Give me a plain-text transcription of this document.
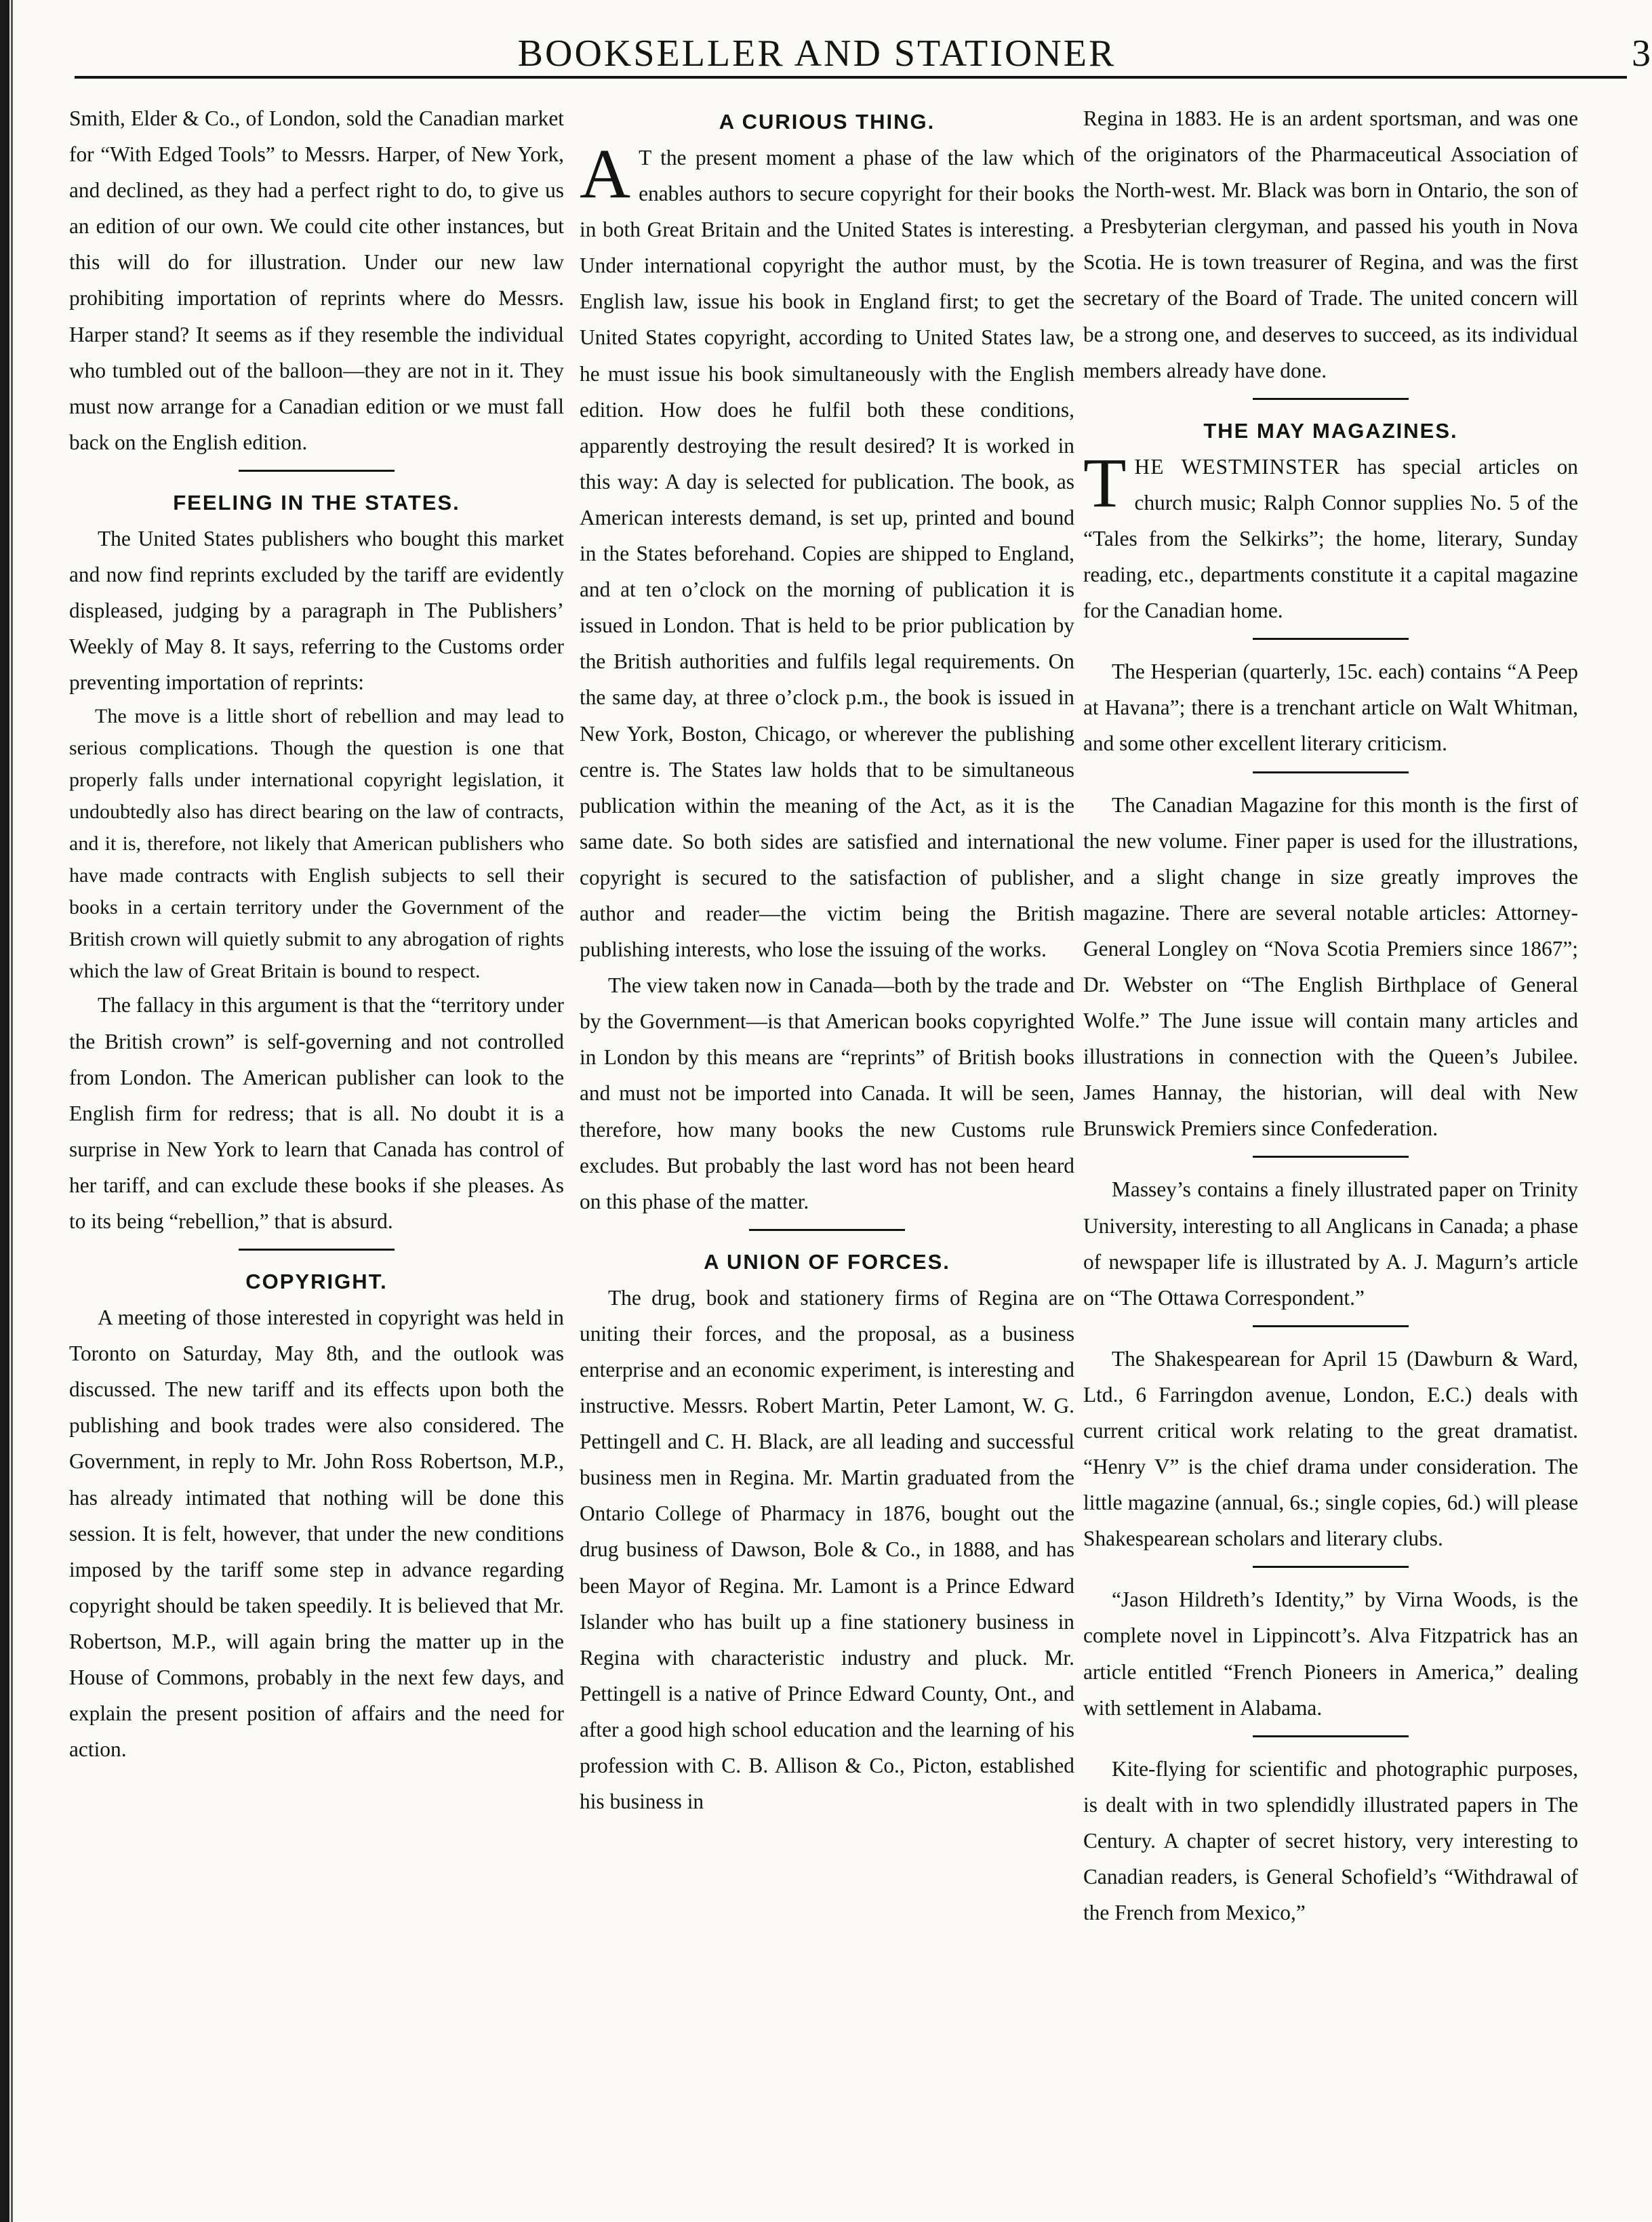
BOOKSELLER AND STATIONER	3

Smith, Elder & Co., of London, sold the Canadian market for “With Edged Tools” to Messrs. Harper, of New York, and declined, as they had a perfect right to do, to give us an edition of our own. We could cite other instances, but this will do for illustration. Under our new law prohibiting importation of reprints where do Messrs. Harper stand? It seems as if they resemble the individual who tumbled out of the balloon—they are not in it. They must now arrange for a Canadian edition or we must fall back on the English edition.

FEELING IN THE STATES.

The United States publishers who bought this market and now find reprints excluded by the tariff are evidently displeased, judging by a paragraph in The Publishers’ Weekly of May 8. It says, referring to the Customs order preventing importation of reprints:

The move is a little short of rebellion and may lead to serious complications. Though the question is one that properly falls under international copyright legislation, it undoubtedly also has direct bearing on the law of contracts, and it is, therefore, not likely that American publishers who have made contracts with English subjects to sell their books in a certain territory under the Government of the British crown will quietly submit to any abrogation of rights which the law of Great Britain is bound to respect.

The fallacy in this argument is that the “territory under the British crown” is self-governing and not controlled from London. The American publisher can look to the English firm for redress; that is all. No doubt it is a surprise in New York to learn that Canada has control of her tariff, and can exclude these books if she pleases. As to its being “rebellion,” that is absurd.

COPYRIGHT.

A meeting of those interested in copyright was held in Toronto on Saturday, May 8th, and the outlook was discussed. The new tariff and its effects upon both the publishing and book trades were also considered. The Government, in reply to Mr. John Ross Robertson, M.P., has already intimated that nothing will be done this session. It is felt, however, that under the new conditions imposed by the tariff some step in advance regarding copyright should be taken speedily. It is believed that Mr. Robertson, M.P., will again bring the matter up in the House of Commons, probably in the next few days, and explain the present position of affairs and the need for action.

A CURIOUS THING.

A T the present moment a phase of the law which enables authors to secure copyright for their books in both Great Britain and the United States is interesting. Under international copyright the author must, by the English law, issue his book in England first; to get the United States copyright, according to United States law, he must issue his book simultaneously with the English edition. How does he fulfil both these conditions, apparently destroying the result desired? It is worked in this way: A day is selected for publication. The book, as American interests demand, is set up, printed and bound in the States beforehand. Copies are shipped to England, and at ten o’clock on the morning of publication it is issued in London. That is held to be prior publication by the British authorities and fulfils legal requirements. On the same day, at three o’clock p.m., the book is issued in New York, Boston, Chicago, or wherever the publishing centre is. The States law holds that to be simultaneous publication within the meaning of the Act, as it is the same date. So both sides are satisfied and international copyright is secured to the satisfaction of publisher, author and reader—the victim being the British publishing interests, who lose the issuing of the works.

The view taken now in Canada—both by the trade and by the Government—is that American books copyrighted in London by this means are “reprints” of British books and must not be imported into Canada. It will be seen, therefore, how many books the new Customs rule excludes. But probably the last word has not been heard on this phase of the matter.

A UNION OF FORCES.

The drug, book and stationery firms of Regina are uniting their forces, and the proposal, as a business enterprise and an economic experiment, is interesting and instructive. Messrs. Robert Martin, Peter Lamont, W. G. Pettingell and C. H. Black, are all leading and successful business men in Regina. Mr. Martin graduated from the Ontario College of Pharmacy in 1876, bought out the drug business of Dawson, Bole & Co., in 1888, and has been Mayor of Regina. Mr. Lamont is a Prince Edward Islander who has built up a fine stationery business in Regina with characteristic industry and pluck. Mr. Pettingell is a native of Prince Edward County, Ont., and after a good high school education and the learning of his profession with C. B. Allison & Co., Picton, established his business in

Regina in 1883. He is an ardent sportsman, and was one of the originators of the Pharmaceutical Association of the North-west. Mr. Black was born in Ontario, the son of a Presbyterian clergyman, and passed his youth in Nova Scotia. He is town treasurer of Regina, and was the first secretary of the Board of Trade. The united concern will be a strong one, and deserves to succeed, as its individual members already have done.

THE MAY MAGAZINES.

THE WESTMINSTER has special articles on church music; Ralph Connor supplies No. 5 of the “Tales from the Selkirks”; the home, literary, Sunday reading, etc., departments constitute it a capital magazine for the Canadian home.

The Hesperian (quarterly, 15c. each) contains “A Peep at Havana”; there is a trenchant article on Walt Whitman, and some other excellent literary criticism.

The Canadian Magazine for this month is the first of the new volume. Finer paper is used for the illustrations, and a slight change in size greatly improves the magazine. There are several notable articles: Attorney-General Longley on “Nova Scotia Premiers since 1867”; Dr. Webster on “The English Birthplace of General Wolfe.” The June issue will contain many articles and illustrations in connection with the Queen’s Jubilee. James Hannay, the historian, will deal with New Brunswick Premiers since Confederation.

Massey’s contains a finely illustrated paper on Trinity University, interesting to all Anglicans in Canada; a phase of newspaper life is illustrated by A. J. Magurn’s article on “The Ottawa Correspondent.”

The Shakespearean for April 15 (Dawburn & Ward, Ltd., 6 Farringdon avenue, London, E.C.) deals with current critical work relating to the great dramatist. “Henry V” is the chief drama under consideration. The little magazine (annual, 6s.; single copies, 6d.) will please Shakespearean scholars and literary clubs.

“Jason Hildreth’s Identity,” by Virna Woods, is the complete novel in Lippincott’s. Alva Fitzpatrick has an article entitled “French Pioneers in America,” dealing with settlement in Alabama.

Kite-flying for scientific and photographic purposes, is dealt with in two splendidly illustrated papers in The Century. A chapter of secret history, very interesting to Canadian readers, is General Schofield’s “Withdrawal of the French from Mexico,”
